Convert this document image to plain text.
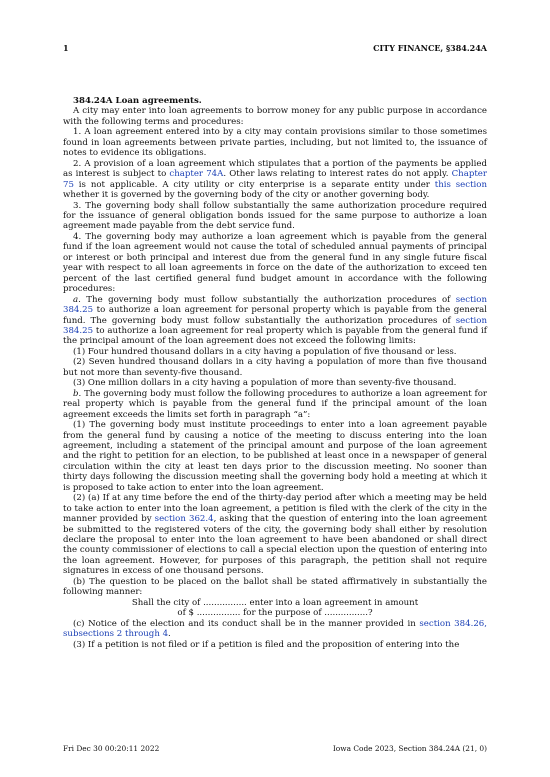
1	CITY FINANCE, §384.24A

384.24A Loan agreements.

A city may enter into loan agreements to borrow money for any public purpose in accordance with the following terms and procedures:

1. A loan agreement entered into by a city may contain provisions similar to those sometimes found in loan agreements between private parties, including, but not limited to, the issuance of notes to evidence its obligations.

2. A provision of a loan agreement which stipulates that a portion of the payments be applied as interest is subject to chapter 74A. Other laws relating to interest rates do not apply. Chapter 75 is not applicable. A city utility or city enterprise is a separate entity under this section whether it is governed by the governing body of the city or another governing body.

3. The governing body shall follow substantially the same authorization procedure required for the issuance of general obligation bonds issued for the same purpose to authorize a loan agreement made payable from the debt service fund.

4. The governing body may authorize a loan agreement which is payable from the general fund if the loan agreement would not cause the total of scheduled annual payments of principal or interest or both principal and interest due from the general fund in any single future fiscal year with respect to all loan agreements in force on the date of the authorization to exceed ten percent of the last certified general fund budget amount in accordance with the following procedures:

a. The governing body must follow substantially the authorization procedures of section 384.25 to authorize a loan agreement for personal property which is payable from the general fund. The governing body must follow substantially the authorization procedures of section 384.25 to authorize a loan agreement for real property which is payable from the general fund if the principal amount of the loan agreement does not exceed the following limits:

(1) Four hundred thousand dollars in a city having a population of five thousand or less.

(2) Seven hundred thousand dollars in a city having a population of more than five thousand but not more than seventy-five thousand.

(3) One million dollars in a city having a population of more than seventy-five thousand.

b. The governing body must follow the following procedures to authorize a loan agreement for real property which is payable from the general fund if the principal amount of the loan agreement exceeds the limits set forth in paragraph “a”:

(1) The governing body must institute proceedings to enter into a loan agreement payable from the general fund by causing a notice of the meeting to discuss entering into the loan agreement, including a statement of the principal amount and purpose of the loan agreement and the right to petition for an election, to be published at least once in a newspaper of general circulation within the city at least ten days prior to the discussion meeting. No sooner than thirty days following the discussion meeting shall the governing body hold a meeting at which it is proposed to take action to enter into the loan agreement.

(2) (a) If at any time before the end of the thirty-day period after which a meeting may be held to take action to enter into the loan agreement, a petition is filed with the clerk of the city in the manner provided by section 362.4, asking that the question of entering into the loan agreement be submitted to the registered voters of the city, the governing body shall either by resolution declare the proposal to enter into the loan agreement to have been abandoned or shall direct the county commissioner of elections to call a special election upon the question of entering into the loan agreement. However, for purposes of this paragraph, the petition shall not require signatures in excess of one thousand persons.

(b) The question to be placed on the ballot shall be stated affirmatively in substantially the following manner:

Shall the city of ................ enter into a loan agreement in amount

of $ ................ for the purpose of ................?

(c) Notice of the election and its conduct shall be in the manner provided in section 384.26, subsections 2 through 4.

(3) If a petition is not filed or if a petition is filed and the proposition of entering into the

Fri Dec 30 00:20:11 2022	Iowa Code 2023, Section 384.24A (21, 0)
